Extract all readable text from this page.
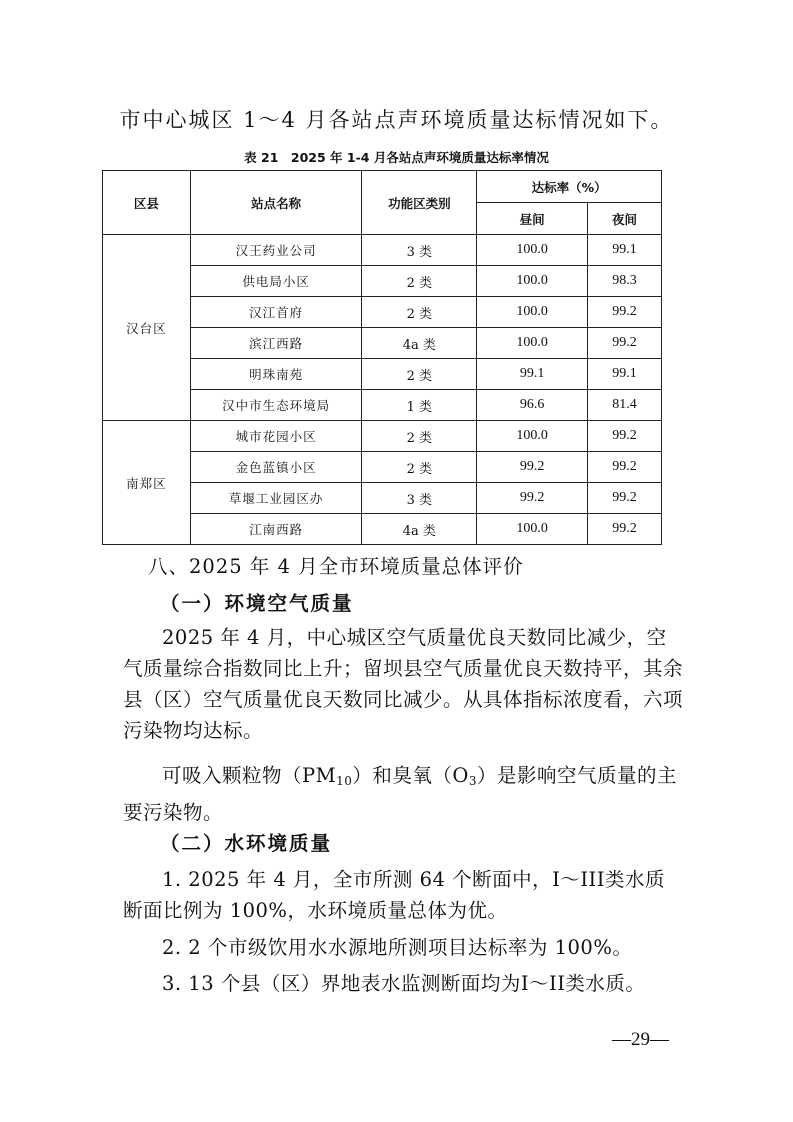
市中心城区 1～4 月各站点声环境质量达标情况如下。
表 21　2025 年 1-4 月各站点声环境质量达标率情况
区县	站点名称	功能区类别	达标率（%）	
			昼间	夜间
汉台区	汉王药业公司	3 类	100.0	99.1
	供电局小区	2 类	100.0	98.3
	汉江首府	2 类	100.0	99.2
	滨江西路	4a 类	100.0	99.2
	明珠南苑	2 类	99.1	99.1
	汉中市生态环境局	1 类	96.6	81.4
南郑区	城市花园小区	2 类	100.0	99.2
	金色蓝镇小区	2 类	99.2	99.2
	草堰工业园区办	3 类	99.2	99.2
	江南西路	4a 类	100.0	99.2
八、2025 年 4 月全市环境质量总体评价
（一）环境空气质量
2025 年 4 月，中心城区空气质量优良天数同比减少，空气质量综合指数同比上升；留坝县空气质量优良天数持平，其余县（区）空气质量优良天数同比减少。从具体指标浓度看，六项污染物均达标。
可吸入颗粒物$(PM_{10})$和臭氧$(O_3)$是影响空气质量的主要污染物。
（二）水环境质量
1. 2025 年 4 月，全市所测 64 个断面中，I～III类水质断面比例为 100%，水环境质量总体为优。
2. 2 个市级饮用水水源地所测项目达标率为 100%。
3. 13 个县（区）界地表水监测断面均为I～II类水质。
—29—
